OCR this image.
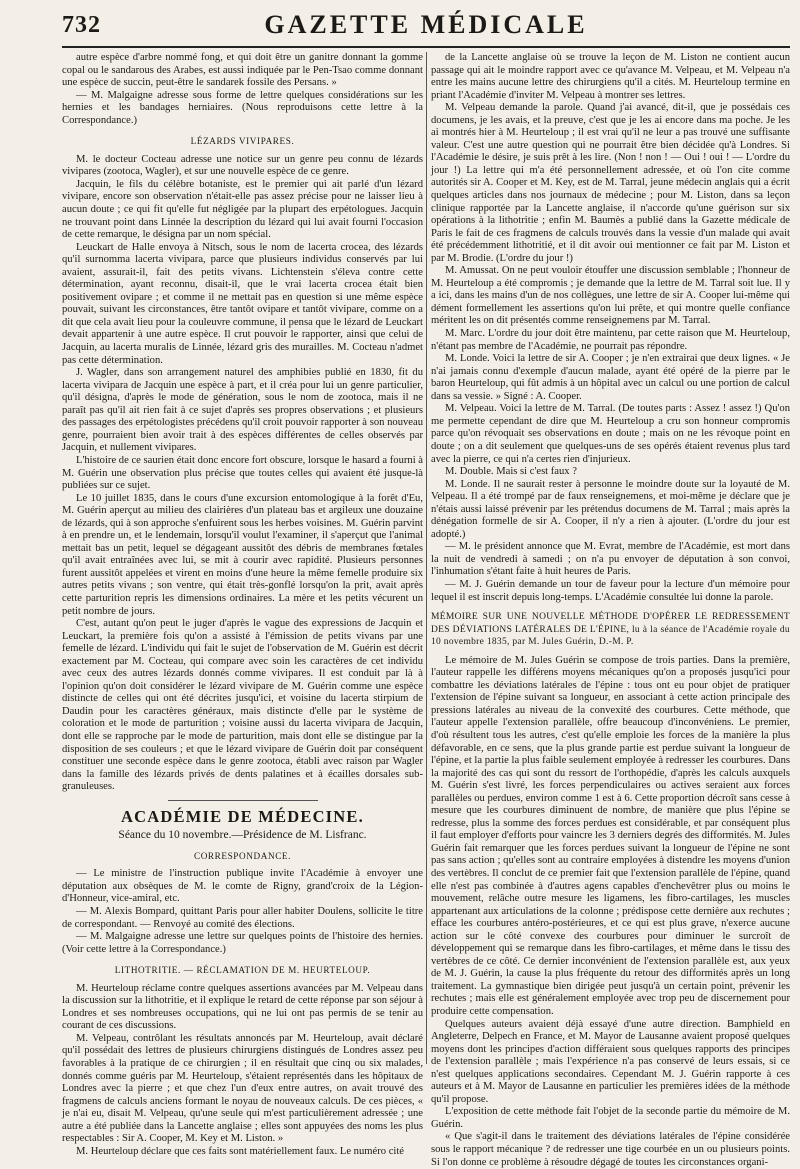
732	GAZETTE MÉDICALE

autre espèce d'arbre nommé fong, et qui doit être un ganitre donnant la gomme copal ou le sandarous des Arabes, est aussi indiquée par le Pen-Tsao comme donnant une espèce de succin, peut-être le sandarek fossile des Persans. »

— M. Malgaigne adresse sous forme de lettre quelques considérations sur les hernies et les bandages herniaires. (Nous reproduisons cette lettre à la Correspondance.)

LÉZARDS VIVIPARES.

M. le docteur Cocteau adresse une notice sur un genre peu connu de lézards vivipares (zootoca, Wagler), et sur une nouvelle espèce de ce genre.

Jacquin, le fils du célèbre botaniste, est le premier qui ait parlé d'un lézard vivipare, encore son observation n'était-elle pas assez précise pour ne laisser lieu à aucun doute ; ce qui fit qu'elle fut négligée par la plupart des erpétologues. Jacquin ne trouvant point dans Linnée la description du lézard qui lui avait fourni l'occasion de cette remarque, le désigna par un nom spécial.

Leuckart de Halle envoya à Nitsch, sous le nom de lacerta crocea, des lézards qu'il surnomma lacerta vivipara, parce que plusieurs individus conservés par lui avaient, assurait-il, fait des petits vivans. Lichtenstein s'éleva contre cette détermination, ayant reconnu, disait-il, que le vrai lacerta crocea était bien positivement ovipare ; et comme il ne mettait pas en question si une même espèce pouvait, suivant les circonstances, être tantôt ovipare et tantôt vivipare, comme on a dit que cela avait lieu pour la couleuvre commune, il pensa que le lézard de Leuckart devait appartenir à une autre espèce. Il crut pouvoir le rapporter, ainsi que celui de Jacquin, au lacerta muralis de Linnée, lézard gris des murailles. M. Cocteau n'admet pas cette détermination.

J. Wagler, dans son arrangement naturel des amphibies publié en 1830, fit du lacerta vivipara de Jacquin une espèce à part, et il créa pour lui un genre particulier, qu'il désigna, d'après le mode de génération, sous le nom de zootoca, mais il ne paraît pas qu'il ait rien fait à ce sujet d'après ses propres observations ; et plusieurs des passages des erpétologistes précédens qu'il croit pouvoir rapporter à son nouveau genre, pourraient bien avoir trait à des espèces différentes de celles observés par Jacquin, et nullement vivipares.

L'histoire de ce saurien était donc encore fort obscure, lorsque le hasard a fourni à M. Guérin une observation plus précise que toutes celles qui avaient été jusque-là publiées sur ce sujet.

Le 10 juillet 1835, dans le cours d'une excursion entomologique à la forêt d'Eu, M. Guérin aperçut au milieu des clairières d'un plateau bas et argileux une douzaine de lézards, qui à son approche s'enfuirent sous les herbes voisines. M. Guérin parvint à en prendre un, et le lendemain, lorsqu'il voulut l'examiner, il s'aperçut que l'animal mettait bas un petit, lequel se dégageant aussitôt des débris de membranes fœtales qu'il avait entraînées avec lui, se mit à courir avec rapidité. Plusieurs personnes furent aussitôt appelées et virent en moins d'une heure la même femelle produire six autres petits vivans ; son ventre, qui était très-gonflé lorsqu'on la prit, avait après cette parturition repris les dimensions ordinaires. La mère et les petits vécurent un petit nombre de jours.

C'est, autant qu'on peut le juger d'après le vague des expressions de Jacquin et Leuckart, la première fois qu'on a assisté à l'émission de petits vivans par une femelle de lézard. L'individu qui fait le sujet de l'observation de M. Guérin est décrit exactement par M. Cocteau, qui compare avec soin les caractères de cet individu avec ceux des autres lézards donnés comme vivipares. Il est conduit par là à l'opinion qu'on doit considérer le lézard vivipare de M. Guérin comme une espèce distincte de celles qui ont été décrites jusqu'ici, et voisine du lacerta stirpium de Daudin pour les caractères généraux, mais distincte d'elle par le système de coloration et le mode de parturition ; voisine aussi du lacerta vivipara de Jacquin, dont elle se rapproche par le mode de parturition, mais dont elle se distingue par la disposition de ses couleurs ; et que le lézard vivipare de Guérin doit par conséquent constituer une seconde espèce dans le genre zootoca, établi avec raison par Wagler dans la famille des lézards privés de dents palatines et à écailles dorsales sub-granuleuses.

ACADÉMIE DE MÉDECINE.

Séance du 10 novembre.—Présidence de M. Lisfranc.

CORRESPONDANCE.

— Le ministre de l'instruction publique invite l'Académie à envoyer une députation aux obsèques de M. le comte de Rigny, grand'croix de la Légion-d'Honneur, vice-amiral, etc.

— M. Alexis Bompard, quittant Paris pour aller habiter Doulens, sollicite le titre de correspondant. — Renvoyé au comité des élections.

— M. Malgaigne adresse une lettre sur quelques points de l'histoire des hernies. (Voir cette lettre à la Correspondance.)

LITHOTRITIE. — RÉCLAMATION DE M. HEURTELOUP.

M. Heurteloup réclame contre quelques assertions avancées par M. Velpeau dans la discussion sur la lithotritie, et il explique le retard de cette réponse par son séjour à Londres et ses nombreuses occupations, qui ne lui ont pas permis de se tenir au courant de ces discussions.

M. Velpeau, contrôlant les résultats annoncés par M. Heurteloup, avait déclaré qu'il possédait des lettres de plusieurs chirurgiens distingués de Londres assez peu favorables à la pratique de ce chirurgien ; il en résultait que cinq ou six malades, donnés comme guéris par M. Heurteloup, s'étaient représentés dans les hôpitaux de Londres avec la pierre ; et que chez l'un d'eux entre autres, on avait trouvé des fragmens de calculs anciens formant le noyau de nouveaux calculs. De ces pièces, « je n'ai eu, disait M. Velpeau, qu'une seule qui m'est particulièrement adressée ; une autre a été publiée dans la Lancette anglaise ; elles sont appuyées des noms les plus respectables : Sir A. Cooper, M. Key et M. Liston. »

M. Heurteloup déclare que ces faits sont matériellement faux. Le numéro cité

de la Lancette anglaise où se trouve la leçon de M. Liston ne contient aucun passage qui ait le moindre rapport avec ce qu'avance M. Velpeau, et M. Velpeau n'a entre les mains aucune lettre des chirurgiens qu'il a cités. M. Heurteloup termine en priant l'Académie d'inviter M. Velpeau à montrer ses lettres.

M. Velpeau demande la parole. Quand j'ai avancé, dit-il, que je possédais ces documens, je les avais, et la preuve, c'est que je les ai encore dans ma poche. Je les ai montrés hier à M. Heurteloup ; il est vrai qu'il ne leur a pas trouvé une suffisante valeur. C'est une autre question qui ne pourrait être bien décidée qu'à Londres. Si l'Académie le désire, je suis prêt à les lire. (Non ! non ! — Oui ! oui ! — L'ordre du jour !) La lettre qui m'a été personnellement adressée, et où l'on cite comme autorités sir A. Cooper et M. Key, est de M. Tarral, jeune médecin anglais qui a écrit quelques articles dans nos journaux de médecine ; pour M. Liston, dans sa leçon clinique rapportée par la Lancette anglaise, il n'accorde qu'une guérison sur six opérations à la lithotritie ; enfin M. Baumès a publié dans la Gazette médicale de Paris le fait de ces fragmens de calculs trouvés dans la vessie d'un malade qui avait été précédemment lithotritié, et il dit avoir oui mentionner ce fait par M. Liston et par M. Brodie. (L'ordre du jour !)

M. Amussat. On ne peut vouloir étouffer une discussion semblable ; l'honneur de M. Heurteloup a été compromis ; je demande que la lettre de M. Tarral soit lue. Il y a ici, dans les mains d'un de nos collègues, une lettre de sir A. Cooper lui-même qui dément formellement les assertions qu'on lui prête, et qui montre quelle confiance méritent les on dit présentés comme renseignemens par M. Tarral.

M. Marc. L'ordre du jour doit être maintenu, par cette raison que M. Heurteloup, n'étant pas membre de l'Académie, ne pourrait pas répondre.

M. Londe. Voici la lettre de sir A. Cooper ; je n'en extrairai que deux lignes. « Je n'ai jamais connu d'exemple d'aucun malade, ayant été opéré de la pierre par le baron Heurteloup, qui fût admis à un hôpital avec un calcul ou une portion de calcul dans sa vessie. » Signé : A. Cooper.

M. Velpeau. Voici la lettre de M. Tarral. (De toutes parts : Assez ! assez !) Qu'on me permette cependant de dire que M. Heurteloup a cru son honneur compromis parce qu'on révoquait ses observations en doute ; mais on ne les révoque point en doute ; on a dit seulement que quelques-uns de ses opérés étaient revenus plus tard avec la pierre, ce qui n'a certes rien d'injurieux.

M. Double. Mais si c'est faux ?

M. Londe. Il ne saurait rester à personne le moindre doute sur la loyauté de M. Velpeau. Il a été trompé par de faux renseignemens, et moi-même je déclare que je n'étais aussi laissé prévenir par les prétendus documens de M. Tarral ; mais après la dénégation formelle de sir A. Cooper, il n'y a rien à ajouter. (L'ordre du jour est adopté.)

— M. le président annonce que M. Evrat, membre de l'Académie, est mort dans la nuit de vendredi à samedi ; on n'a pu envoyer de députation à son convoi, l'inhumation s'étant faite à huit heures de Paris.

— M. J. Guérin demande un tour de faveur pour la lecture d'un mémoire pour lequel il est inscrit depuis long-temps. L'Académie consultée lui donne la parole.

MÉMOIRE SUR UNE NOUVELLE MÉTHODE D'OPÉRER LE REDRESSEMENT DES DÉVIATIONS LATÉRALES DE L'ÉPINE, lu à la séance de l'Académie royale du 10 novembre 1835, par M. Jules Guérin, D.-M. P.

Le mémoire de M. Jules Guérin se compose de trois parties. Dans la première, l'auteur rappelle les différens moyens mécaniques qu'on a proposés jusqu'ici pour combattre les déviations latérales de l'épine : tous ont eu pour objet de pratiquer l'extension de l'épine suivant sa longueur, en associant à cette action principale des pressions latérales au niveau de la convexité des courbures. Cette méthode, que l'auteur appelle l'extension parallèle, offre beaucoup d'inconvéniens. Le premier, d'où résultent tous les autres, c'est qu'elle emploie les forces de la manière la plus défavorable, en ce sens, que la plus grande partie est perdue suivant la longueur de l'épine, et la partie la plus faible seulement employée à redresser les courbures. Dans la majorité des cas qui sont du ressort de l'orthopédie, d'après les calculs auxquels M. Guérin s'est livré, les forces perpendiculaires ou actives seraient aux forces parallèles ou perdues, environ comme 1 est à 6. Cette proportion décroît sans cesse à mesure que les courbures diminuent de nombre, de manière que plus l'épine se redresse, plus la somme des forces perdues est considérable, et par conséquent plus il faut employer d'efforts pour vaincre les 3 derniers degrés des difformités. M. Jules Guérin fait remarquer que les forces perdues suivant la longueur de l'épine ne sont pas sans action ; qu'elles sont au contraire employées à distendre les moyens d'union des vertèbres. Il conclut de ce premier fait que l'extension parallèle de l'épine, quand elle n'est pas combinée à d'autres agens capables d'enchevêtrer plus ou moins le mouvement, relâche outre mesure les ligamens, les fibro-cartilages, les muscles appartenant aux articulations de la colonne ; prédispose cette dernière aux rechutes ; efface les courbures antéro-postérieures, et ce qui est plus grave, n'exerce aucune action sur le côté convexe des courbures pour diminuer le surcroît de développement qui se remarque dans les fibro-cartilages, et même dans le tissu des vertèbres de ce côté. Ce dernier inconvénient de l'extension parallèle est, aux yeux de M. J. Guérin, la cause la plus fréquente du retour des difformités après un long traitement. La gymnastique bien dirigée peut jusqu'à un certain point, prévenir les rechutes ; mais elle est généralement employée avec trop peu de discernement pour produire cette compensation.

Quelques auteurs avaient déjà essayé d'une autre direction. Bamphield en Angleterre, Delpech en France, et M. Mayor de Lausanne avaient proposé quelques moyens dont les principes d'action différaient sous quelques rapports des principes de l'extension parallèle ; mais l'expérience n'a pas conservé de leurs essais, si ce n'est quelques applications secondaires. Cependant M. J. Guérin rapporte à ces auteurs et à M. Mayor de Lausanne en particulier les premières idées de la méthode qu'il propose.

L'exposition de cette méthode fait l'objet de la seconde partie du mémoire de M. Guérin.

« Que s'agit-il dans le traitement des déviations latérales de l'épine considérée sous le rapport mécanique ? de redresser une tige courbée en un ou plusieurs points. Si l'on donne ce problème à résoudre dégagé de toutes les circonstances organi-
